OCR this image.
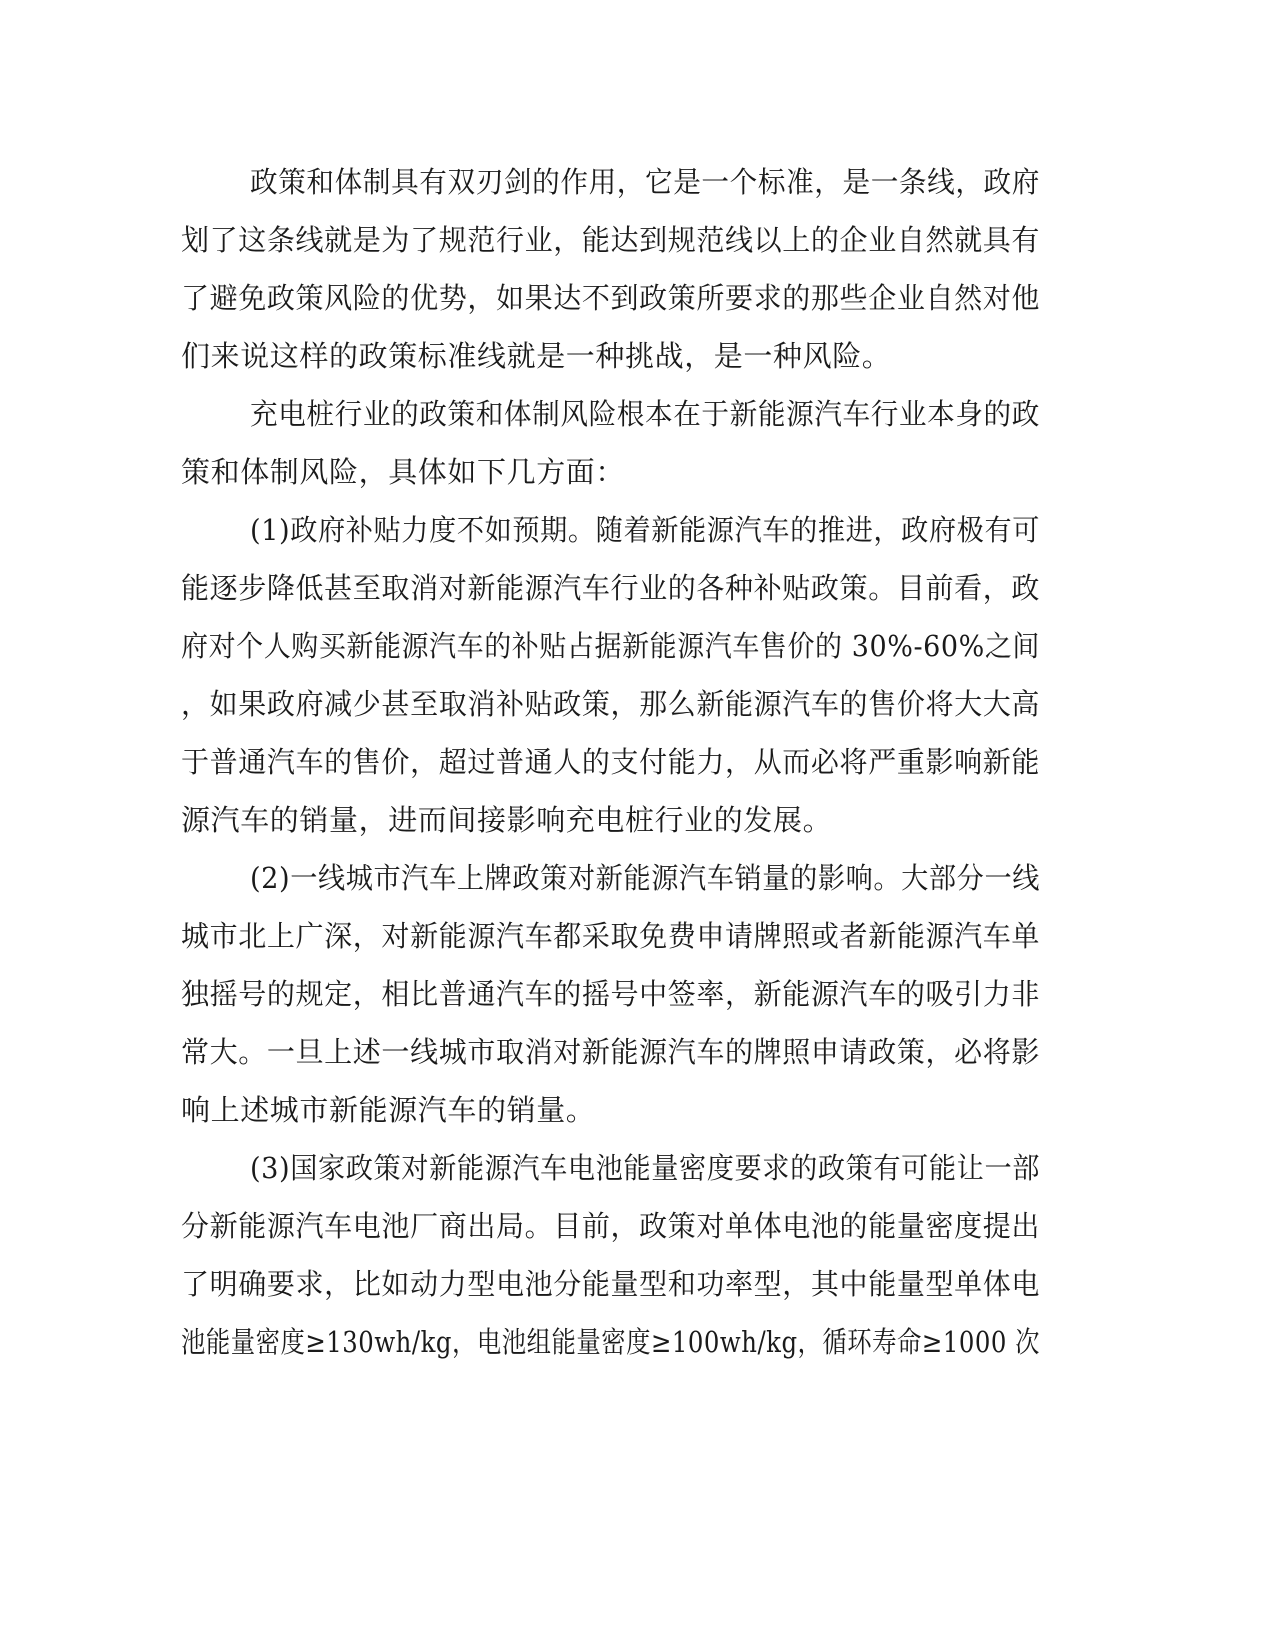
政策和体制具有双刃剑的作用，它是一个标准，是一条线，政府
划了这条线就是为了规范行业，能达到规范线以上的企业自然就具有
了避免政策风险的优势，如果达不到政策所要求的那些企业自然对他
们来说这样的政策标准线就是一种挑战，是一种风险。
充电桩行业的政策和体制风险根本在于新能源汽车行业本身的政
策和体制风险，具体如下几方面：
(1)政府补贴力度不如预期。随着新能源汽车的推进，政府极有可
能逐步降低甚至取消对新能源汽车行业的各种补贴政策。目前看，政
府对个人购买新能源汽车的补贴占据新能源汽车售价的 30%-60%之间
，如果政府减少甚至取消补贴政策，那么新能源汽车的售价将大大高
于普通汽车的售价，超过普通人的支付能力，从而必将严重影响新能
源汽车的销量，进而间接影响充电桩行业的发展。
(2)一线城市汽车上牌政策对新能源汽车销量的影响。大部分一线
城市北上广深，对新能源汽车都采取免费申请牌照或者新能源汽车单
独摇号的规定，相比普通汽车的摇号中签率，新能源汽车的吸引力非
常大。一旦上述一线城市取消对新能源汽车的牌照申请政策，必将影
响上述城市新能源汽车的销量。
(3)国家政策对新能源汽车电池能量密度要求的政策有可能让一部
分新能源汽车电池厂商出局。目前，政策对单体电池的能量密度提出
了明确要求，比如动力型电池分能量型和功率型，其中能量型单体电
池能量密度≥130wh/kg，电池组能量密度≥100wh/kg，循环寿命≥1000 次
